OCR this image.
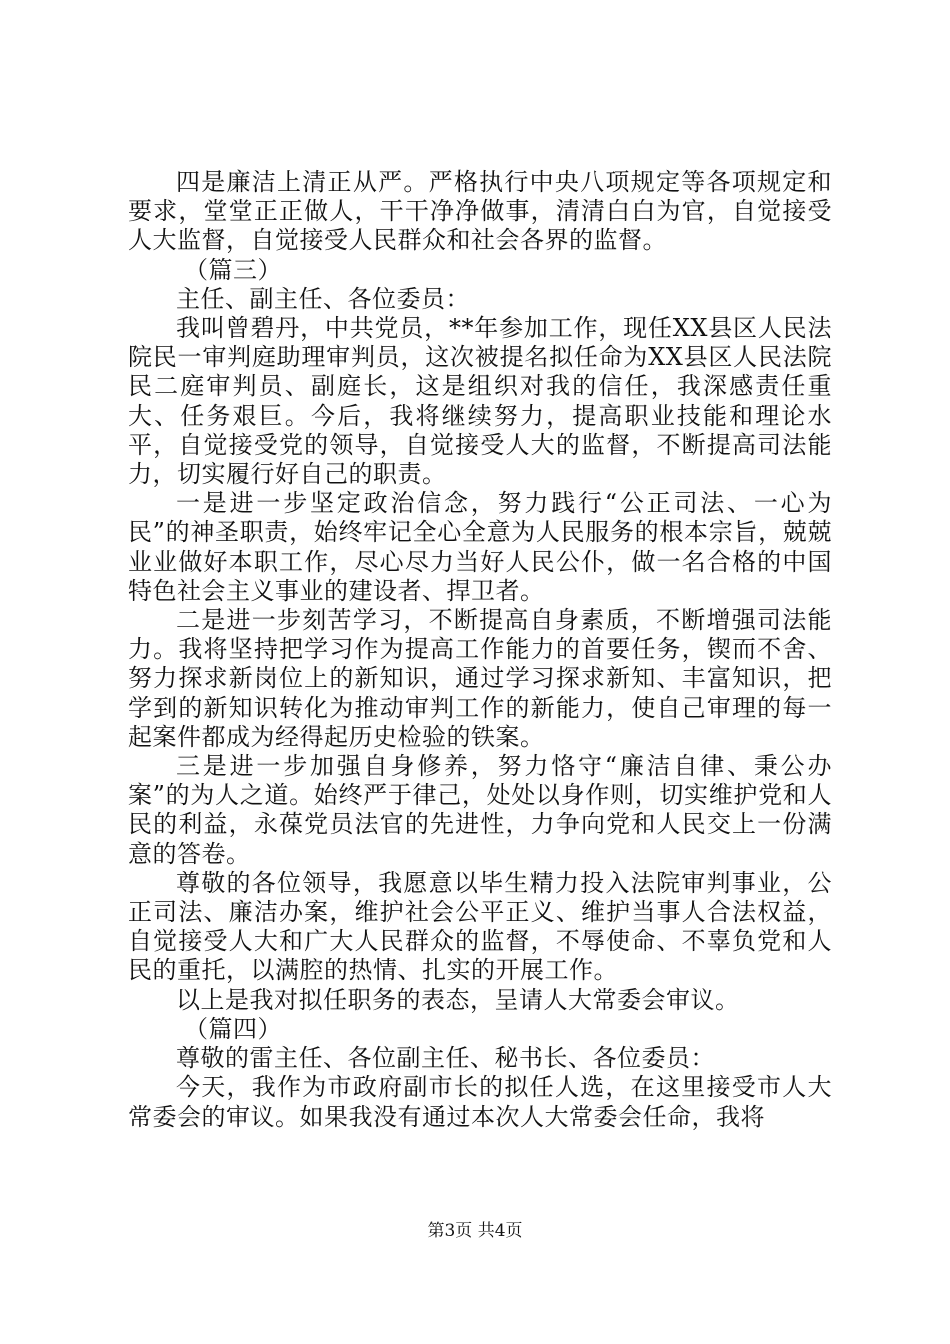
四是廉洁上清正从严。严格执行中央八项规定等各项规定和要求，堂堂正正做人，干干净净做事，清清白白为官，自觉接受人大监督，自觉接受人民群众和社会各界的监督。

（篇三）

主任、副主任、各位委员：

我叫曾碧丹，中共党员，**年参加工作，现任XX县区人民法院民一审判庭助理审判员，这次被提名拟任命为XX县区人民法院民二庭审判员、副庭长，这是组织对我的信任，我深感责任重大、任务艰巨。今后，我将继续努力，提高职业技能和理论水平，自觉接受党的领导，自觉接受人大的监督，不断提高司法能力，切实履行好自己的职责。

一是进一步坚定政治信念，努力践行“公正司法、一心为民”的神圣职责，始终牢记全心全意为人民服务的根本宗旨，兢兢业业做好本职工作，尽心尽力当好人民公仆，做一名合格的中国特色社会主义事业的建设者、捍卫者。

二是进一步刻苦学习，不断提高自身素质，不断增强司法能力。我将坚持把学习作为提高工作能力的首要任务，锲而不舍、努力探求新岗位上的新知识，通过学习探求新知、丰富知识，把学到的新知识转化为推动审判工作的新能力，使自己审理的每一起案件都成为经得起历史检验的铁案。

三是进一步加强自身修养，努力恪守“廉洁自律、秉公办案”的为人之道。始终严于律己，处处以身作则，切实维护党和人民的利益，永葆党员法官的先进性，力争向党和人民交上一份满意的答卷。

尊敬的各位领导，我愿意以毕生精力投入法院审判事业，公正司法、廉洁办案，维护社会公平正义、维护当事人合法权益，自觉接受人大和广大人民群众的监督，不辱使命、不辜负党和人民的重托，以满腔的热情、扎实的开展工作。

以上是我对拟任职务的表态，呈请人大常委会审议。

（篇四）

尊敬的雷主任、各位副主任、秘书长、各位委员：

今天，我作为市政府副市长的拟任人选，在这里接受市人大常委会的审议。如果我没有通过本次人大常委会任命，我将

第3页 共4页
